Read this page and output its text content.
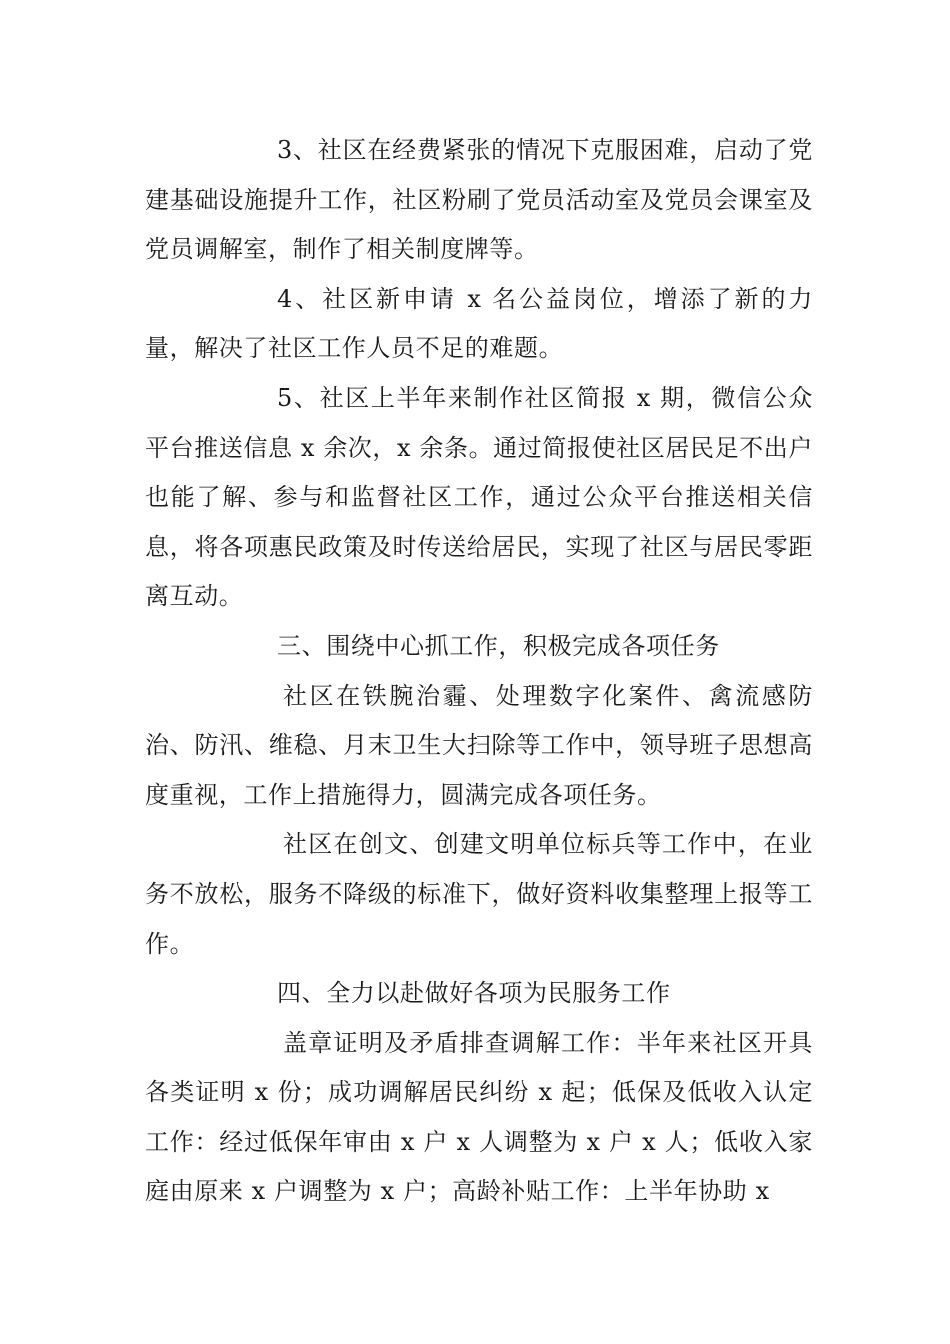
3、社区在经费紧张的情况下克服困难，启动了党建基础设施提升工作，社区粉刷了党员活动室及党员会课室及党员调解室，制作了相关制度牌等。

4、社区新申请 x 名公益岗位，增添了新的力量，解决了社区工作人员不足的难题。

5、社区上半年来制作社区简报 x 期，微信公众平台推送信息 x 余次，x 余条。通过简报使社区居民足不出户也能了解、参与和监督社区工作，通过公众平台推送相关信息，将各项惠民政策及时传送给居民，实现了社区与居民零距离互动。

三、围绕中心抓工作，积极完成各项任务

社区在铁腕治霾、处理数字化案件、禽流感防治、防汛、维稳、月末卫生大扫除等工作中，领导班子思想高度重视，工作上措施得力，圆满完成各项任务。

社区在创文、创建文明单位标兵等工作中，在业务不放松，服务不降级的标准下，做好资料收集整理上报等工作。

四、全力以赴做好各项为民服务工作

盖章证明及矛盾排查调解工作：半年来社区开具各类证明 x 份；成功调解居民纠纷 x 起；低保及低收入认定工作：经过低保年审由 x 户 x 人调整为 x 户 x 人；低收入家庭由原来 x 户调整为 x 户；高龄补贴工作：上半年协助 x
